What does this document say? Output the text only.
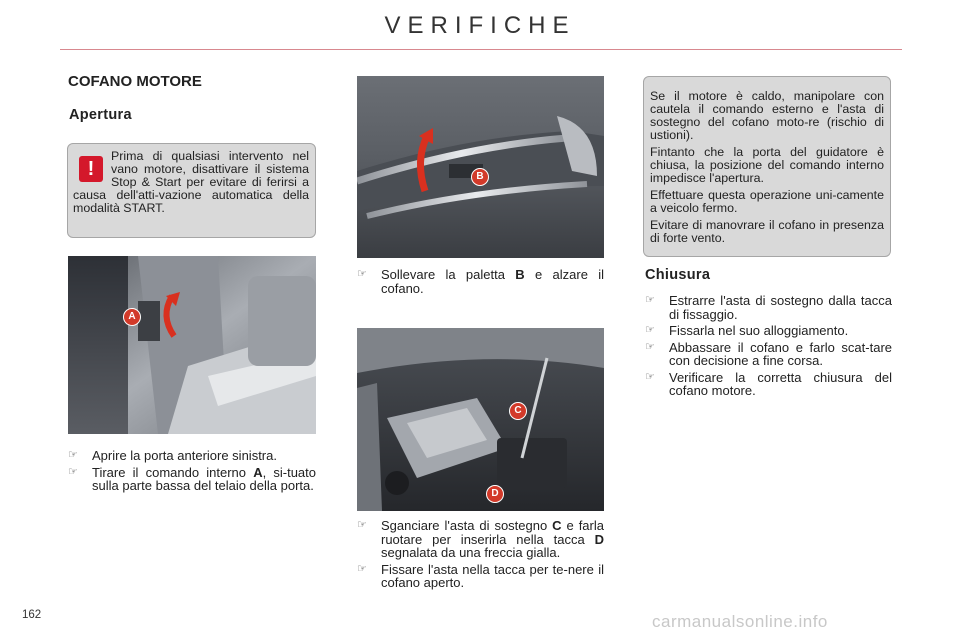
VERIFICHE
COFANO MOTORE
Apertura
!
Prima di qualsiasi intervento nel vano motore, disattivare il sistema Stop & Start per evitare di ferirsi a causa dell'atti-vazione automatica della modalità START.
A
☞ Aprire la porta anteriore sinistra.
☞ Tirare il comando interno A, si-tuato sulla parte bassa del telaio della porta.
B
☞ Sollevare la paletta B e alzare il cofano.
C
D
☞ Sganciare l'asta di sostegno C e farla ruotare per inserirla nella tacca D segnalata da una freccia gialla.
☞ Fissare l'asta nella tacca per te-nere il cofano aperto.

Se il motore è caldo, manipolare con cautela il comando esterno e l'asta di sostegno del cofano moto-re (rischio di ustioni).

Fintanto che la porta del guidatore è chiusa, la posizione del comando interno impedisce l'apertura.

Effettuare questa operazione uni-camente a veicolo fermo.

Evitare di manovrare il cofano in presenza di forte vento.

Chiusura
☞ Estrarre l'asta di sostegno dalla tacca di fissaggio.
☞ Fissarla nel suo alloggiamento.
☞ Abbassare il cofano e farlo scat-tare con decisione a fine corsa.
☞ Verificare la corretta chiusura del cofano motore.
162	carmanualsonline.info
